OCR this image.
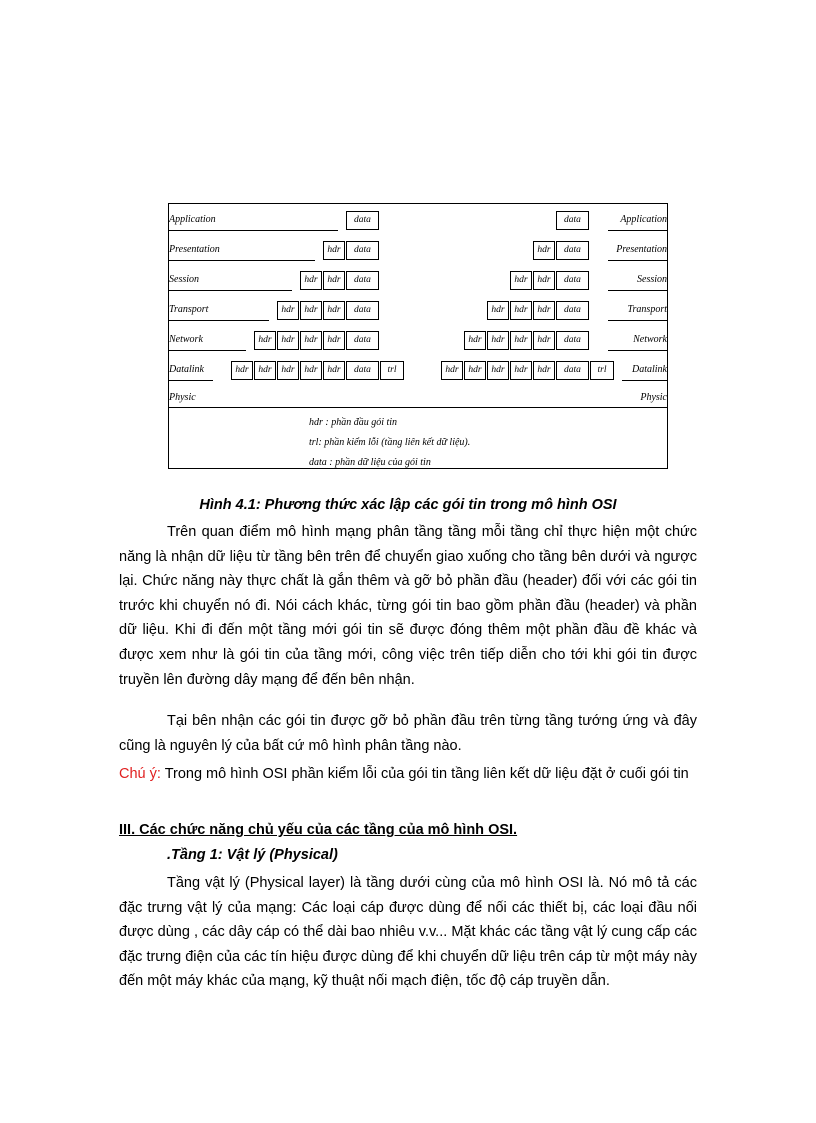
Application	Application
data	data
Presentation	Presentation
hdr	data	hdr	data
Session	Session
hdr	hdr	data	hdr	hdr	data
Transport	Transport
hdr	hdr	hdr	data	hdr	hdr	hdr	data
Network	Network
hdr	hdr	hdr	hdr	data	hdr	hdr	hdr	hdr	data
Datalink	Datalink
hdr	hdr	hdr	hdr	hdr	data	hdr	hdr	hdr	hdr	hdr	data
trl	trl
Physic	Physic
hdr : phần đầu gói tin
trl: phần kiểm lỗi (tầng liên kết dữ liệu).
data : phần dữ liệu của gói tin
Hình 4.1: Phương thức xác lập các gói tin trong mô hình OSI

Trên quan điểm mô hình mạng phân tầng tầng mỗi tầng chỉ thực hiện một chức năng là nhận dữ liệu từ tầng bên trên để chuyển giao xuống cho tầng bên dưới và ngược lại. Chức năng này thực chất là gắn thêm và gỡ bỏ phần đầu (header) đối với các gói tin trước khi chuyển nó đi. Nói cách khác, từng gói tin bao gồm phần đầu (header) và phần dữ liệu. Khi đi đến một tầng mới gói tin sẽ được đóng thêm một phần đầu đề khác và được xem như là gói tin của tầng mới, công việc trên tiếp diễn cho tới khi gói tin được truyền lên đường dây mạng để đến bên nhận.

Tại bên nhận các gói tin được gỡ bỏ phần đầu trên từng tầng tướng ứng và đây cũng là nguyên lý của bất cứ mô hình phân tầng nào.

Chú ý: Trong mô hình OSI phần kiểm lỗi của gói tin tầng liên kết dữ liệu đặt ở cuối gói tin

III. Các chức năng chủ yếu của các tầng của mô hình OSI.
.Tầng 1: Vật lý (Physical)

Tầng vật lý (Physical layer) là tầng dưới cùng của mô hình OSI là. Nó mô tả các đặc trưng vật lý của mạng: Các loại cáp được dùng để nối các thiết bị, các loại đầu nối được dùng , các dây cáp có thể dài bao nhiêu v.v... Mặt khác các tầng vật lý cung cấp các đặc trưng điện của các tín hiệu được dùng để khi chuyển dữ liệu trên cáp từ một máy này đến một máy khác của mạng, kỹ thuật nối mạch điện, tốc độ cáp truyền dẫn.
